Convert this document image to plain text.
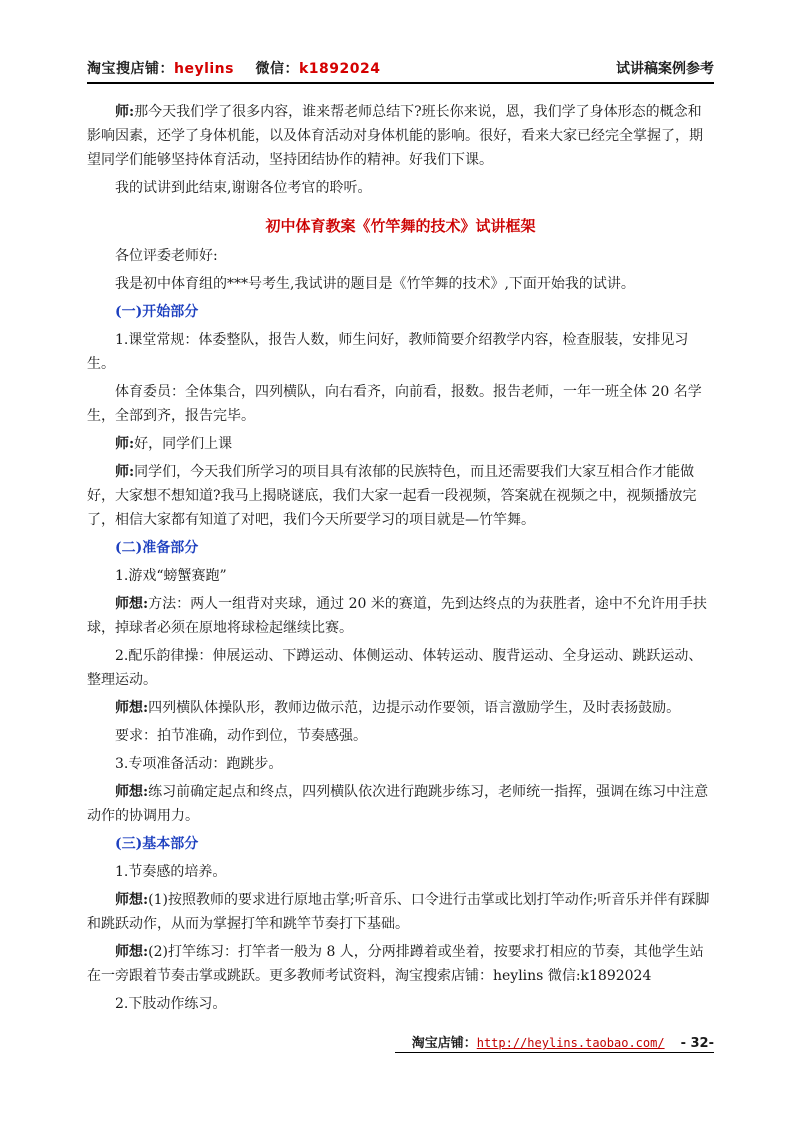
淘宝搜店铺：heylins 微信：k1892024	试讲稿案例参考

师:那今天我们学了很多内容，谁来帮老师总结下?班长你来说，恩，我们学了身体形态的概念和影响因素，还学了身体机能，以及体育活动对身体机能的影响。很好，看来大家已经完全掌握了，期望同学们能够坚持体育活动，坚持团结协作的精神。好我们下课。

我的试讲到此结束,谢谢各位考官的聆听。

初中体育教案《竹竿舞的技术》试讲框架

各位评委老师好:

我是初中体育组的***号考生,我试讲的题目是《竹竿舞的技术》,下面开始我的试讲。

(一)开始部分

1.课堂常规：体委整队，报告人数，师生问好，教师简要介绍教学内容，检查服装，安排见习生。

体育委员：全体集合，四列横队，向右看齐，向前看，报数。报告老师，一年一班全体 20 名学生，全部到齐，报告完毕。

师:好，同学们上课

师:同学们，今天我们所学习的项目具有浓郁的民族特色，而且还需要我们大家互相合作才能做好，大家想不想知道?我马上揭晓谜底，我们大家一起看一段视频，答案就在视频之中，视频播放完了，相信大家都有知道了对吧，我们今天所要学习的项目就是—竹竿舞。

(二)准备部分

1.游戏“螃蟹赛跑”

师想:方法：两人一组背对夹球，通过 20 米的赛道，先到达终点的为获胜者，途中不允许用手扶球，掉球者必须在原地将球检起继续比赛。

2.配乐韵律操：伸展运动、下蹲运动、体侧运动、体转运动、腹背运动、全身运动、跳跃运动、整理运动。

师想:四列横队体操队形，教师边做示范，边提示动作要领，语言激励学生，及时表扬鼓励。

要求：拍节准确，动作到位，节奏感强。

3.专项准备活动：跑跳步。

师想:练习前确定起点和终点，四列横队依次进行跑跳步练习，老师统一指挥，强调在练习中注意动作的协调用力。

(三)基本部分

1.节奏感的培养。

师想:(1)按照教师的要求进行原地击掌;听音乐、口令进行击掌或比划打竿动作;听音乐并伴有踩脚和跳跃动作，从而为掌握打竿和跳竿节奏打下基础。

师想:(2)打竿练习：打竿者一般为 8 人，分两排蹲着或坐着，按要求打相应的节奏，其他学生站在一旁跟着节奏击掌或跳跃。更多教师考试资料，淘宝搜索店铺：heylins 微信:k1892024

2.下肢动作练习。

淘宝店铺：http://heylins.taobao.com/ - 32-
